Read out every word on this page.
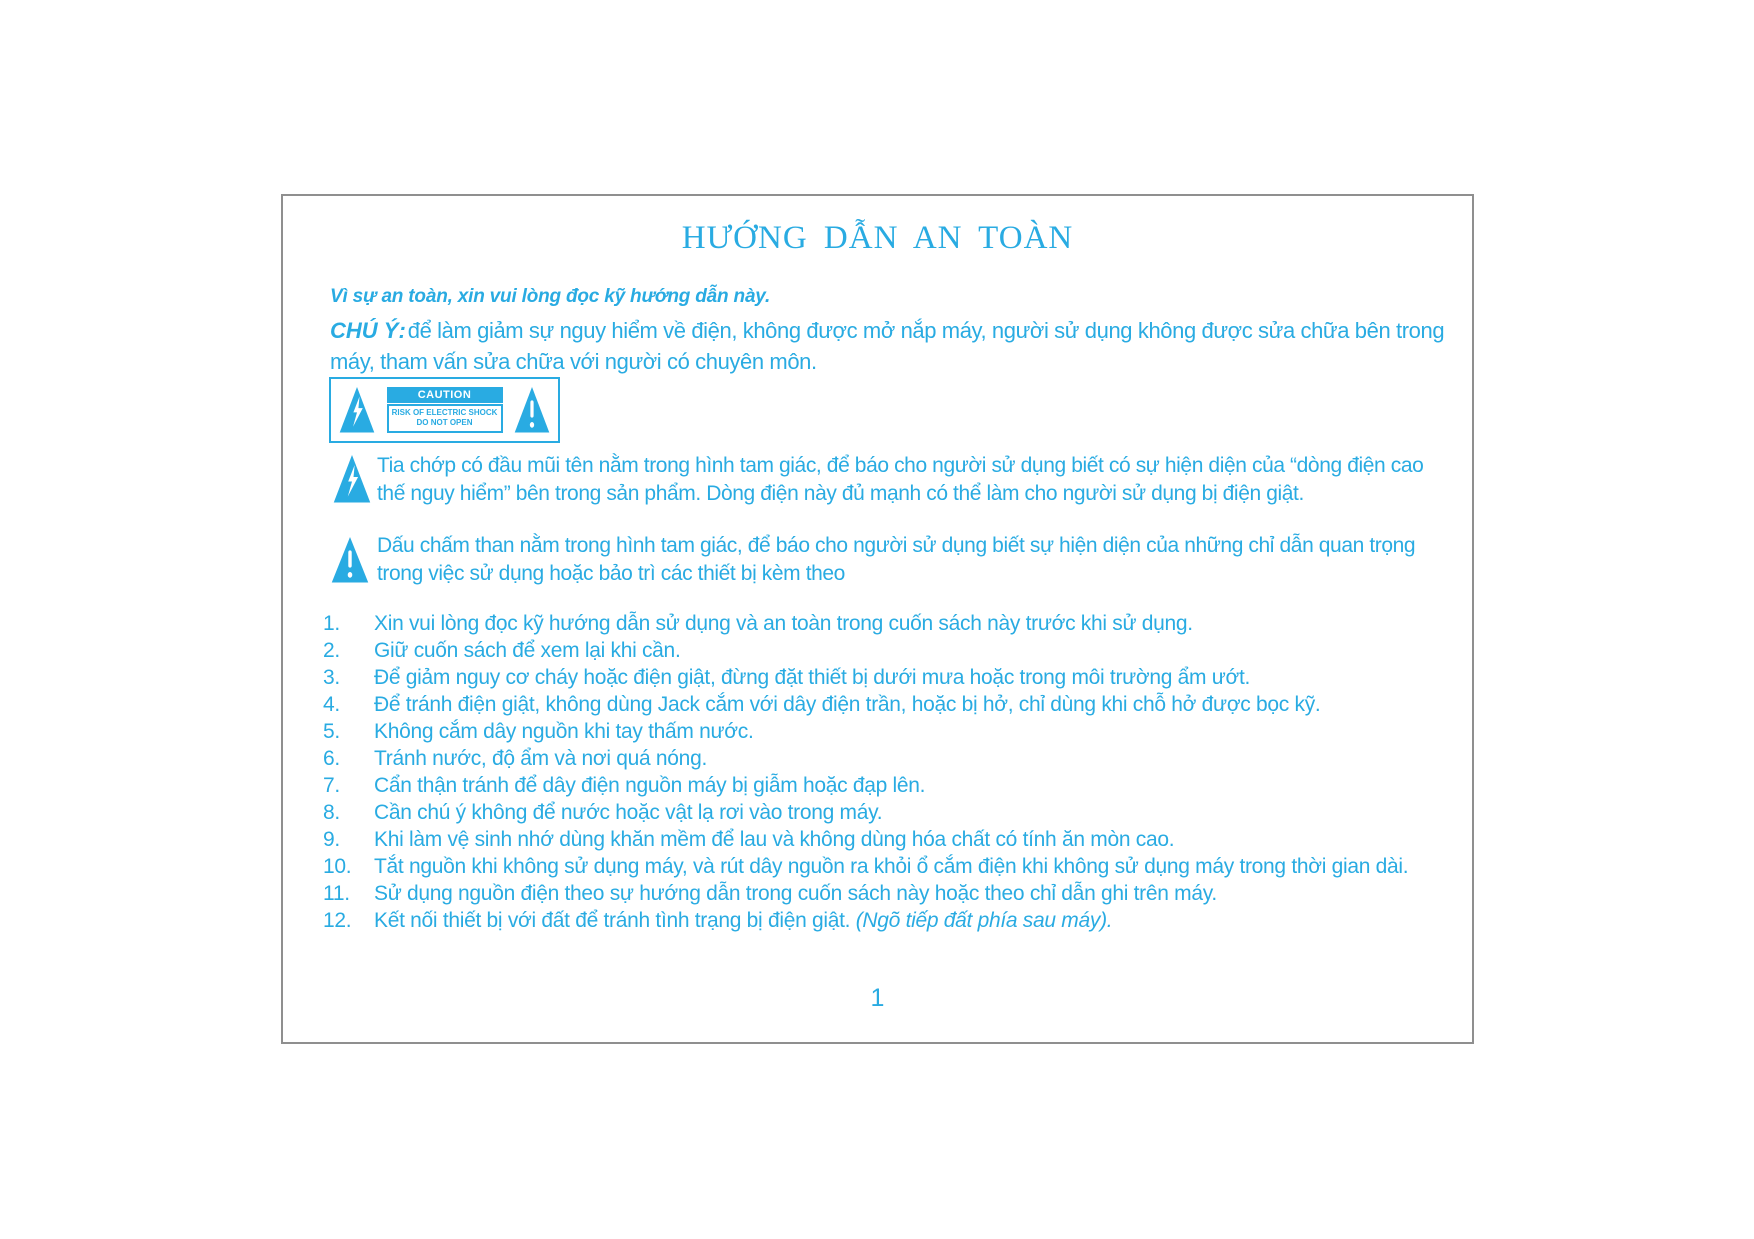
HƯỚNG DẪN AN TOÀN
Vì sự an toàn, xin vui lòng đọc kỹ hướng dẫn này.
CHÚ Ý:để làm giảm sự nguy hiểm về điện, không được mở nắp máy, người sử dụng không được sửa chữa bên trong máy, tham vấn sửa chữa với người có chuyên môn.
CAUTION
RISK OF ELECTRIC SHOCK
DO NOT OPEN
Tia chớp có đầu mũi tên nằm trong hình tam giác, để báo cho người sử dụng biết có sự hiện diện của “dòng điện cao thế nguy hiểm” bên trong sản phẩm. Dòng điện này đủ mạnh có thể làm cho người sử dụng bị điện giật.
Dấu chấm than nằm trong hình tam giác, để báo cho người sử dụng biết sự hiện diện của những chỉ dẫn quan trọng trong việc sử dụng hoặc bảo trì các thiết bị kèm theo
1.	Xin vui lòng đọc kỹ hướng dẫn sử dụng và an toàn trong cuốn sách này trước khi sử dụng.
2.	Giữ cuốn sách để xem lại khi cần.
3.	Để giảm nguy cơ cháy hoặc điện giật, đừng đặt thiết bị dưới mưa hoặc trong môi trường ẩm ướt.
4.	Để tránh điện giật, không dùng Jack cắm với dây điện trần, hoặc bị hở, chỉ dùng khi chỗ hở được bọc kỹ.
5.	Không cắm dây nguồn khi tay thấm nước.
6.	Tránh nước, độ ẩm và nơi quá nóng.
7.	Cẩn thận tránh để dây điện nguồn máy bị giẫm hoặc đạp lên.
8.	Cần chú ý không để nước hoặc vật lạ rơi vào trong máy.
9.	Khi làm vệ sinh nhớ dùng khăn mềm để lau và không dùng hóa chất có tính ăn mòn cao.
10.	Tắt nguồn khi không sử dụng máy, và rút dây nguồn ra khỏi ổ cắm điện khi không sử dụng máy trong thời gian dài.
11.	Sử dụng nguồn điện theo sự hướng dẫn trong cuốn sách này hoặc theo chỉ dẫn ghi trên máy.
12.	Kết nối thiết bị với đất để tránh tình trạng bị điện giật. (Ngõ tiếp đất phía sau máy).
1
